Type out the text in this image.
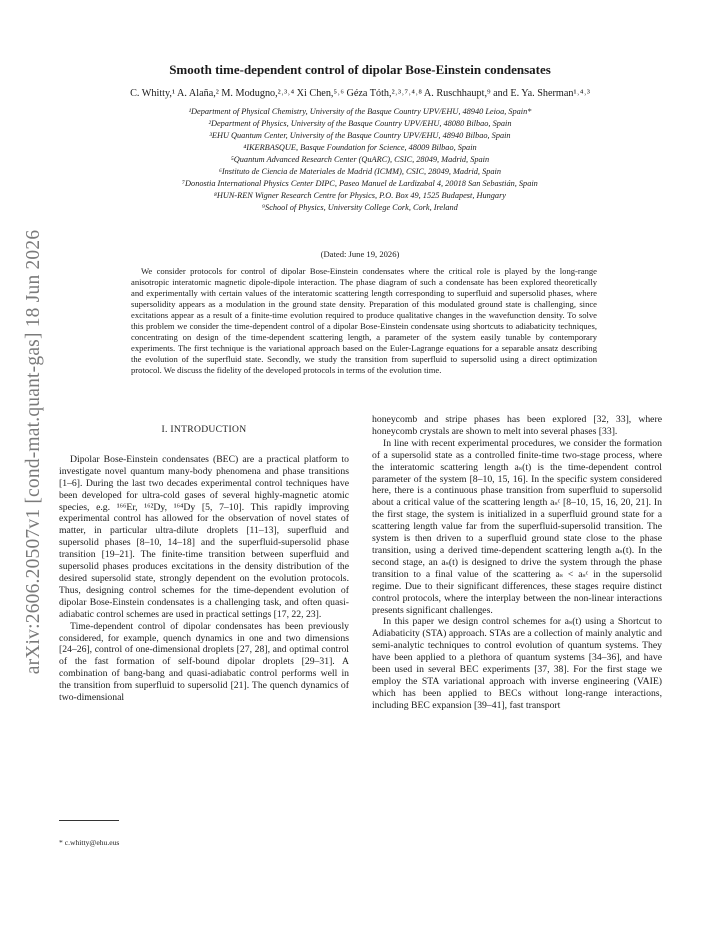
arXiv:2606.20507v1 [cond-mat.quant-gas] 18 Jun 2026
Smooth time-dependent control of dipolar Bose-Einstein condensates
C. Whitty,¹ A. Alaña,² M. Modugno,²˒³˒⁴ Xi Chen,⁵˒⁶ Géza Tóth,²˒³˒⁷˒⁴˒⁸ A. Ruschhaupt,⁹ and E. Ya. Sherman¹˒⁴˒³
¹Department of Physical Chemistry, University of the Basque Country UPV/EHU, 48940 Leioa, Spain*
²Department of Physics, University of the Basque Country UPV/EHU, 48080 Bilbao, Spain
³EHU Quantum Center, University of the Basque Country UPV/EHU, 48940 Bilbao, Spain
⁴IKERBASQUE, Basque Foundation for Science, 48009 Bilbao, Spain
⁵Quantum Advanced Research Center (QuARC), CSIC, 28049, Madrid, Spain
⁶Instituto de Ciencia de Materiales de Madrid (ICMM), CSIC, 28049, Madrid, Spain
⁷Donostia International Physics Center DIPC, Paseo Manuel de Lardizabal 4, 20018 San Sebastián, Spain
⁸HUN-REN Wigner Research Centre for Physics, P.O. Box 49, 1525 Budapest, Hungary
⁹School of Physics, University College Cork, Cork, Ireland
(Dated: June 19, 2026)
We consider protocols for control of dipolar Bose-Einstein condensates where the critical role is played by the long-range anisotropic interatomic magnetic dipole-dipole interaction. The phase diagram of such a condensate has been explored theoretically and experimentally with certain values of the interatomic scattering length corresponding to superfluid and supersolid phases, where supersolidity appears as a modulation in the ground state density. Preparation of this modulated ground state is challenging, since excitations appear as a result of a finite-time evolution required to produce qualitative changes in the wavefunction density. To solve this problem we consider the time-dependent control of a dipolar Bose-Einstein condensate using shortcuts to adiabaticity techniques, concentrating on design of the time-dependent scattering length, a parameter of the system easily tunable by contemporary experiments. The first technique is the variational approach based on the Euler-Lagrange equations for a separable ansatz describing the evolution of the superfluid state. Secondly, we study the transition from superfluid to supersolid using a direct optimization protocol. We discuss the fidelity of the developed protocols in terms of the evolution time.
I. INTRODUCTION

Dipolar Bose-Einstein condensates (BEC) are a practical platform to investigate novel quantum many-body phenomena and phase transitions [1–6]. During the last two decades experimental control techniques have been developed for ultra-cold gases of several highly-magnetic atomic species, e.g. ¹⁶⁶Er, ¹⁶²Dy, ¹⁶⁴Dy [5, 7–10]. This rapidly improving experimental control has allowed for the observation of novel states of matter, in particular ultra-dilute droplets [11–13], superfluid and supersolid phases [8–10, 14–18] and the superfluid-supersolid phase transition [19–21]. The finite-time transition between superfluid and supersolid phases produces excitations in the density distribution of the desired supersolid state, strongly dependent on the evolution protocols. Thus, designing control schemes for the time-dependent evolution of dipolar Bose-Einstein condensates is a challenging task, and often quasi-adiabatic control schemes are used in practical settings [17, 22, 23].

Time-dependent control of dipolar condensates has been previously considered, for example, quench dynamics in one and two dimensions [24–26], control of one-dimensional droplets [27, 28], and optimal control of the fast formation of self-bound dipolar droplets [29–31]. A combination of bang-bang and quasi-adiabatic control performs well in the transition from superfluid to supersolid [21]. The quench dynamics of two-dimensional

honeycomb and stripe phases has been explored [32, 33], where honeycomb crystals are shown to melt into several phases [33].

In line with recent experimental procedures, we consider the formation of a supersolid state as a controlled finite-time two-stage process, where the interatomic scattering length aₛ(t) is the time-dependent control parameter of the system [8–10, 15, 16]. In the specific system considered here, there is a continuous phase transition from superfluid to supersolid about a critical value of the scattering length aₛᶜ [8–10, 15, 16, 20, 21]. In the first stage, the system is initialized in a superfluid ground state for a scattering length value far from the superfluid-supersolid transition. The system is then driven to a superfluid ground state close to the phase transition, using a derived time-dependent scattering length aₛ(t). In the second stage, an aₛ(t) is designed to drive the system through the phase transition to a final value of the scattering aₛ < aₛᶜ in the supersolid regime. Due to their significant differences, these stages require distinct control protocols, where the interplay between the non-linear interactions presents significant challenges.

In this paper we design control schemes for aₛ(t) using a Shortcut to Adiabaticity (STA) approach. STAs are a collection of mainly analytic and semi-analytic techniques to control evolution of quantum systems. They have been applied to a plethora of quantum systems [34–36], and have been used in several BEC experiments [37, 38]. For the first stage we employ the STA variational approach with inverse engineering (VAIE) which has been applied to BECs without long-range interactions, including BEC expansion [39–41], fast transport

* c.whitty@ehu.eus
